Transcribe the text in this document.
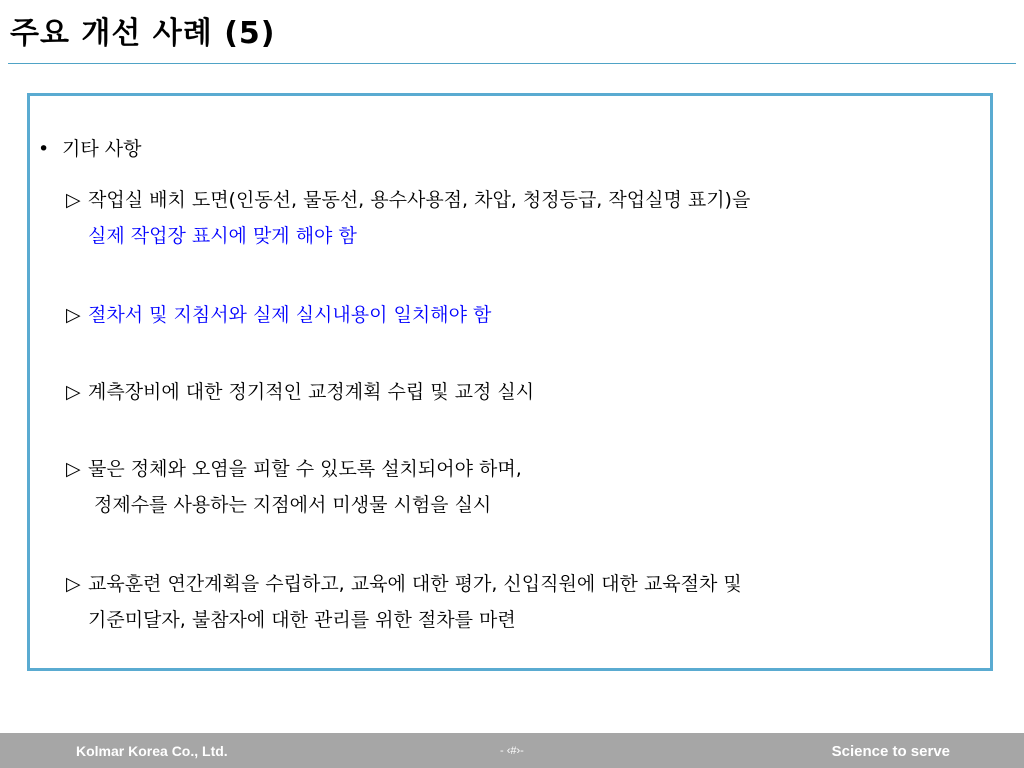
주요 개선 사례 (5)
• 기타 사항
▷ 작업실 배치 도면(인동선, 물동선, 용수사용점, 차압, 청정등급, 작업실명 표기)을
실제 작업장 표시에 맞게 해야 함
▷ 절차서 및 지침서와 실제 실시내용이 일치해야 함
▷ 계측장비에 대한 정기적인 교정계획 수립 및 교정 실시
▷ 물은 정체와 오염을 피할 수 있도록 설치되어야 하며,
정제수를 사용하는 지점에서 미생물 시험을 실시
▷ 교육훈련 연간계획을 수립하고, 교육에 대한 평가, 신입직원에 대한 교육절차 및
기준미달자, 불참자에 대한 관리를 위한 절차를 마련
Kolmar Korea Co., Ltd.	- ‹#›-	Science to serve
